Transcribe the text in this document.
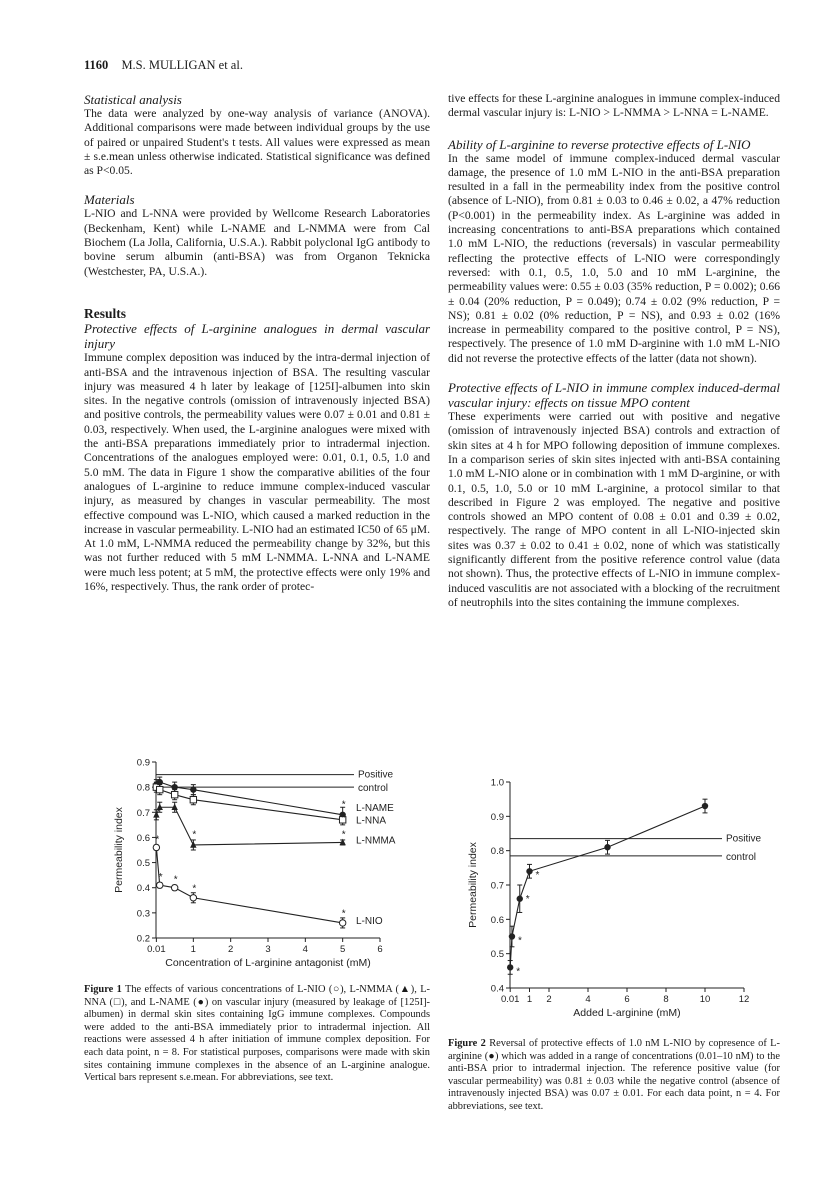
1160 M.S. MULLIGAN et al.

Statistical analysis

The data were analyzed by one-way analysis of variance (ANOVA). Additional comparisons were made between individual groups by the use of paired or unpaired Student's t tests. All values were expressed as mean ± s.e.mean unless otherwise indicated. Statistical significance was defined as P<0.05.

Materials

L-NIO and L-NNA were provided by Wellcome Research Laboratories (Beckenham, Kent) while L-NAME and L-NMMA were from Cal Biochem (La Jolla, California, U.S.A.). Rabbit polyclonal IgG antibody to bovine serum albumin (anti-BSA) was from Organon Teknicka (Westchester, PA, U.S.A.).

Results

Protective effects of L-arginine analogues in dermal vascular injury

Immune complex deposition was induced by the intra-dermal injection of anti-BSA and the intravenous injection of BSA. The resulting vascular injury was measured 4 h later by leakage of [125I]-albumen into skin sites. In the negative controls (omission of intravenously injected BSA) and positive controls, the permeability values were 0.07 ± 0.01 and 0.81 ± 0.03, respectively. When used, the L-arginine analogues were mixed with the anti-BSA preparations immediately prior to intradermal injection. Concentrations of the analogues employed were: 0.01, 0.1, 0.5, 1.0 and 5.0 mM. The data in Figure 1 show the comparative abilities of the four analogues of L-arginine to reduce immune complex-induced vascular injury, as measured by changes in vascular permeability. The most effective compound was L-NIO, which caused a marked reduction in the increase in vascular permeability. L-NIO had an estimated IC50 of 65 μM. At 1.0 mM, L-NMMA reduced the permeability change by 32%, but this was not further reduced with 5 mM L-NMMA. L-NNA and L-NAME were much less potent; at 5 mM, the protective effects were only 19% and 16%, respectively. Thus, the rank order of protec-

tive effects for these L-arginine analogues in immune complex-induced dermal vascular injury is: L-NIO > L-NMMA > L-NNA = L-NAME.

Ability of L-arginine to reverse protective effects of L-NIO

In the same model of immune complex-induced dermal vascular damage, the presence of 1.0 mM L-NIO in the anti-BSA preparation resulted in a fall in the permeability index from the positive control (absence of L-NIO), from 0.81 ± 0.03 to 0.46 ± 0.02, a 47% reduction (P<0.001) in the permeability index. As L-arginine was added in increasing concentrations to anti-BSA preparations which contained 1.0 mM L-NIO, the reductions (reversals) in vascular permeability reflecting the protective effects of L-NIO were correspondingly reversed: with 0.1, 0.5, 1.0, 5.0 and 10 mM L-arginine, the permeability values were: 0.55 ± 0.03 (35% reduction, P = 0.002); 0.66 ± 0.04 (20% reduction, P = 0.049); 0.74 ± 0.02 (9% reduction, P = NS); 0.81 ± 0.02 (0% reduction, P = NS), and 0.93 ± 0.02 (16% increase in permeability compared to the positive control, P = NS), respectively. The presence of 1.0 mM D-arginine with 1.0 mM L-NIO did not reverse the protective effects of the latter (data not shown).

Protective effects of L-NIO in immune complex induced-dermal vascular injury: effects on tissue MPO content

These experiments were carried out with positive and negative (omission of intravenously injected BSA) controls and extraction of skin sites at 4 h for MPO following deposition of immune complexes. In a comparison series of skin sites injected with anti-BSA containing 1.0 mM L-NIO alone or in combination with 1 mM D-arginine, or with 0.1, 0.5, 1.0, 5.0 or 10 mM L-arginine, a protocol similar to that described in Figure 2 was employed. The negative and positive controls showed an MPO content of 0.08 ± 0.01 and 0.39 ± 0.02, respectively. The range of MPO content in all L-NIO-injected skin sites was 0.37 ± 0.02 to 0.41 ± 0.02, none of which was statistically significantly different from the positive reference control value (data not shown). Thus, the protective effects of L-NIO in immune complex-induced vasculitis are not associated with a blocking of the recruitment of neutrophils into the sites containing the immune complexes.

0.2
0.3
0.4
0.5
0.6
0.7
0.8
0.9
0.01	1	2	3	4	5	6
Concentration of L-arginine antagonist (mM)
Permeability index
Positive
control
L-NAME
L-NNA
L-NMMA
L-NIO
*
*
*
*
*
* *
*
*
Figure 1 The effects of various concentrations of L-NIO (○), L-NMMA (▲), L-NNA (□), and L-NAME (●) on vascular injury (measured by leakage of [125I]-albumen) in dermal skin sites containing IgG immune complexes. Compounds were added to the anti-BSA immediately prior to intradermal injection. All reactions were assessed 4 h after initiation of immune complex deposition. For each data point, n = 8. For statistical purposes, comparisons were made with skin sites containing immune complexes in the absence of an L-arginine analogue. Vertical bars represent s.e.mean. For abbreviations, see text.
0.4
0.5
0.6
0.7
0.8
0.9
1.0
0.01 1 2	4	6	8	10	12
Added L-arginine (mM)
Permeability index
Positive
control
*
*
*
*
Figure 2 Reversal of protective effects of 1.0 nM L-NIO by copresence of L-arginine (●) which was added in a range of concentrations (0.01–10 nM) to the anti-BSA prior to intradermal injection. The reference positive value (for vascular permeability) was 0.81 ± 0.03 while the negative control (absence of intravenously injected BSA) was 0.07 ± 0.01. For each data point, n = 4. For abbreviations, see text.
